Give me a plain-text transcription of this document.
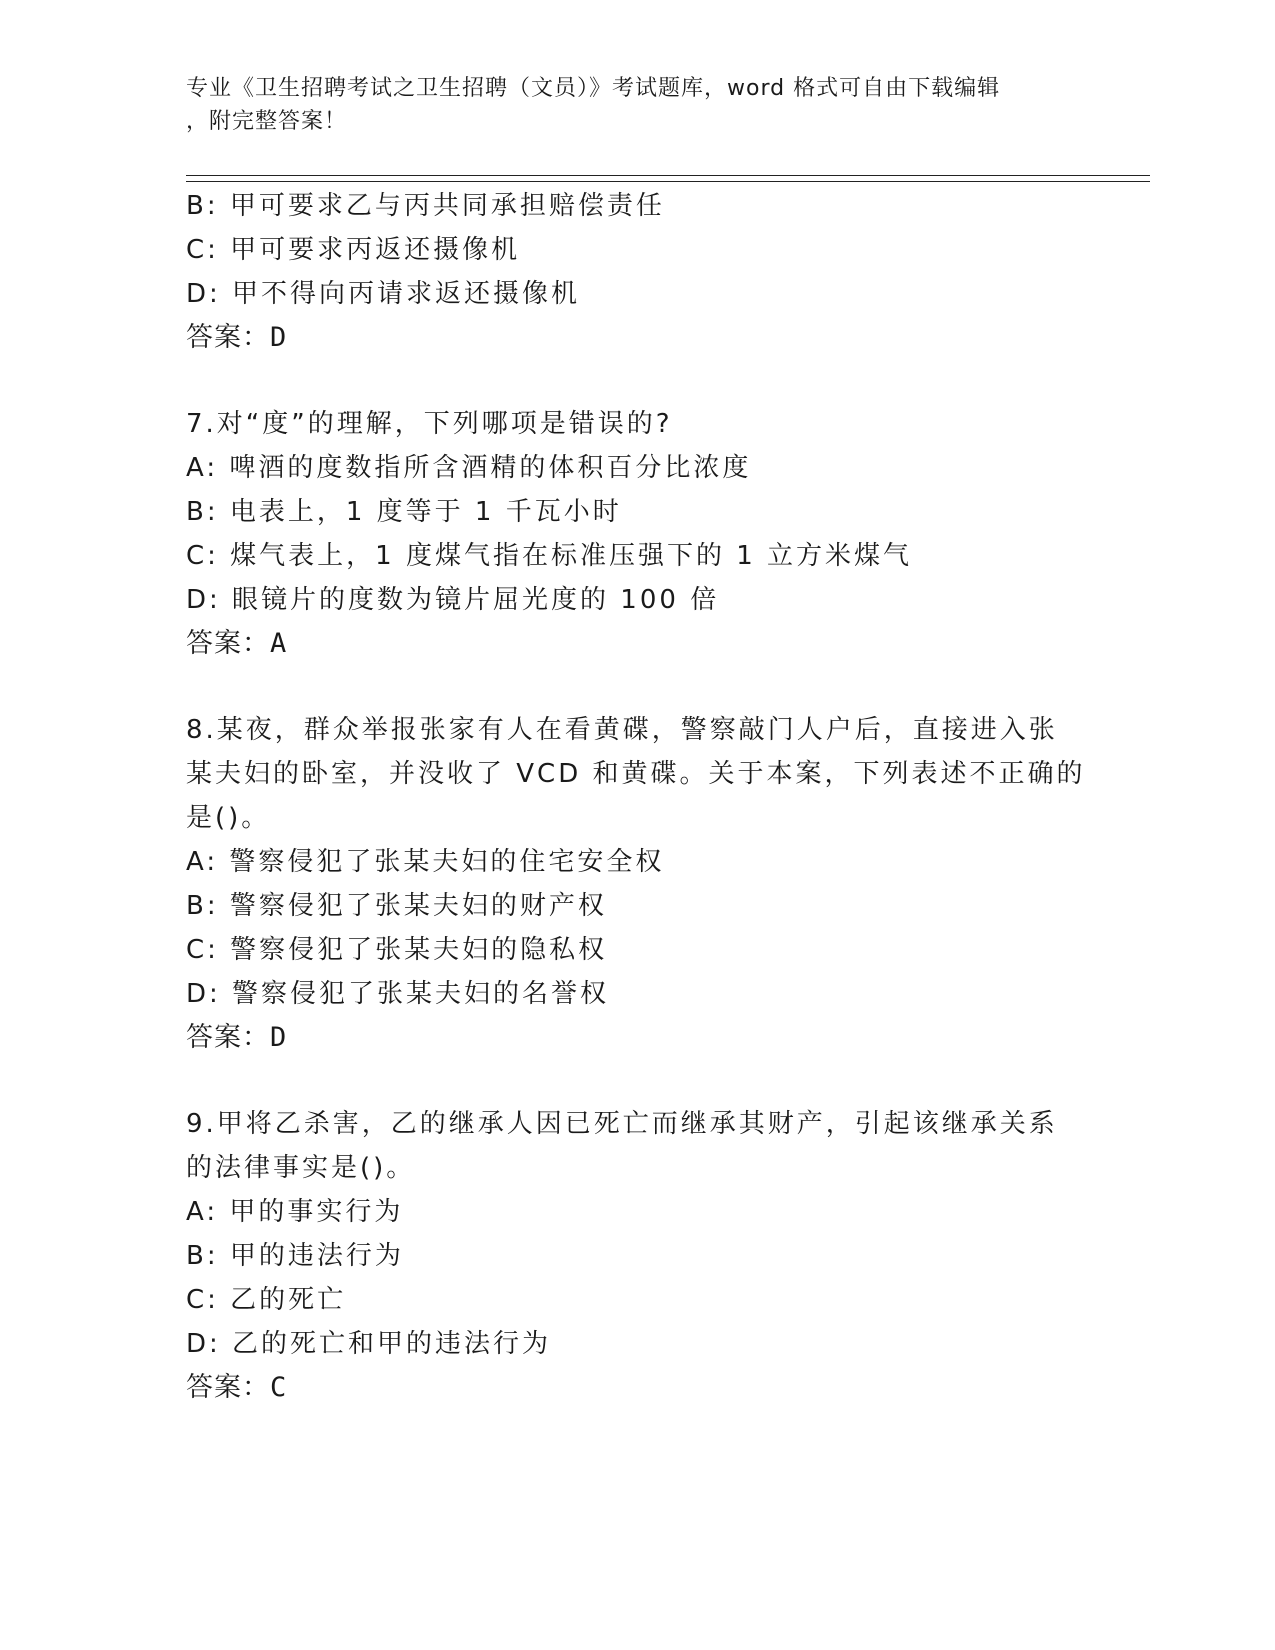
专业《卫生招聘考试之卫生招聘（文员）》考试题库，word 格式可自由下载编辑
，附完整答案！
B: 甲可要求乙与丙共同承担赔偿责任
C: 甲可要求丙返还摄像机
D: 甲不得向丙请求返还摄像机
答案：D
7.对“度”的理解，下列哪项是错误的?
A: 啤酒的度数指所含酒精的体积百分比浓度
B: 电表上，1 度等于 1 千瓦小时
C: 煤气表上，1 度煤气指在标准压强下的 1 立方米煤气
D: 眼镜片的度数为镜片屈光度的 100 倍
答案：A
8.某夜，群众举报张家有人在看黄碟，警察敲门人户后，直接进入张
某夫妇的卧室，并没收了 VCD 和黄碟。关于本案，下列表述不正确的
是()。
A: 警察侵犯了张某夫妇的住宅安全权
B: 警察侵犯了张某夫妇的财产权
C: 警察侵犯了张某夫妇的隐私权
D: 警察侵犯了张某夫妇的名誉权
答案：D
9.甲将乙杀害，乙的继承人因已死亡而继承其财产，引起该继承关系
的法律事实是()。
A: 甲的事实行为
B: 甲的违法行为
C: 乙的死亡
D: 乙的死亡和甲的违法行为
答案：C
